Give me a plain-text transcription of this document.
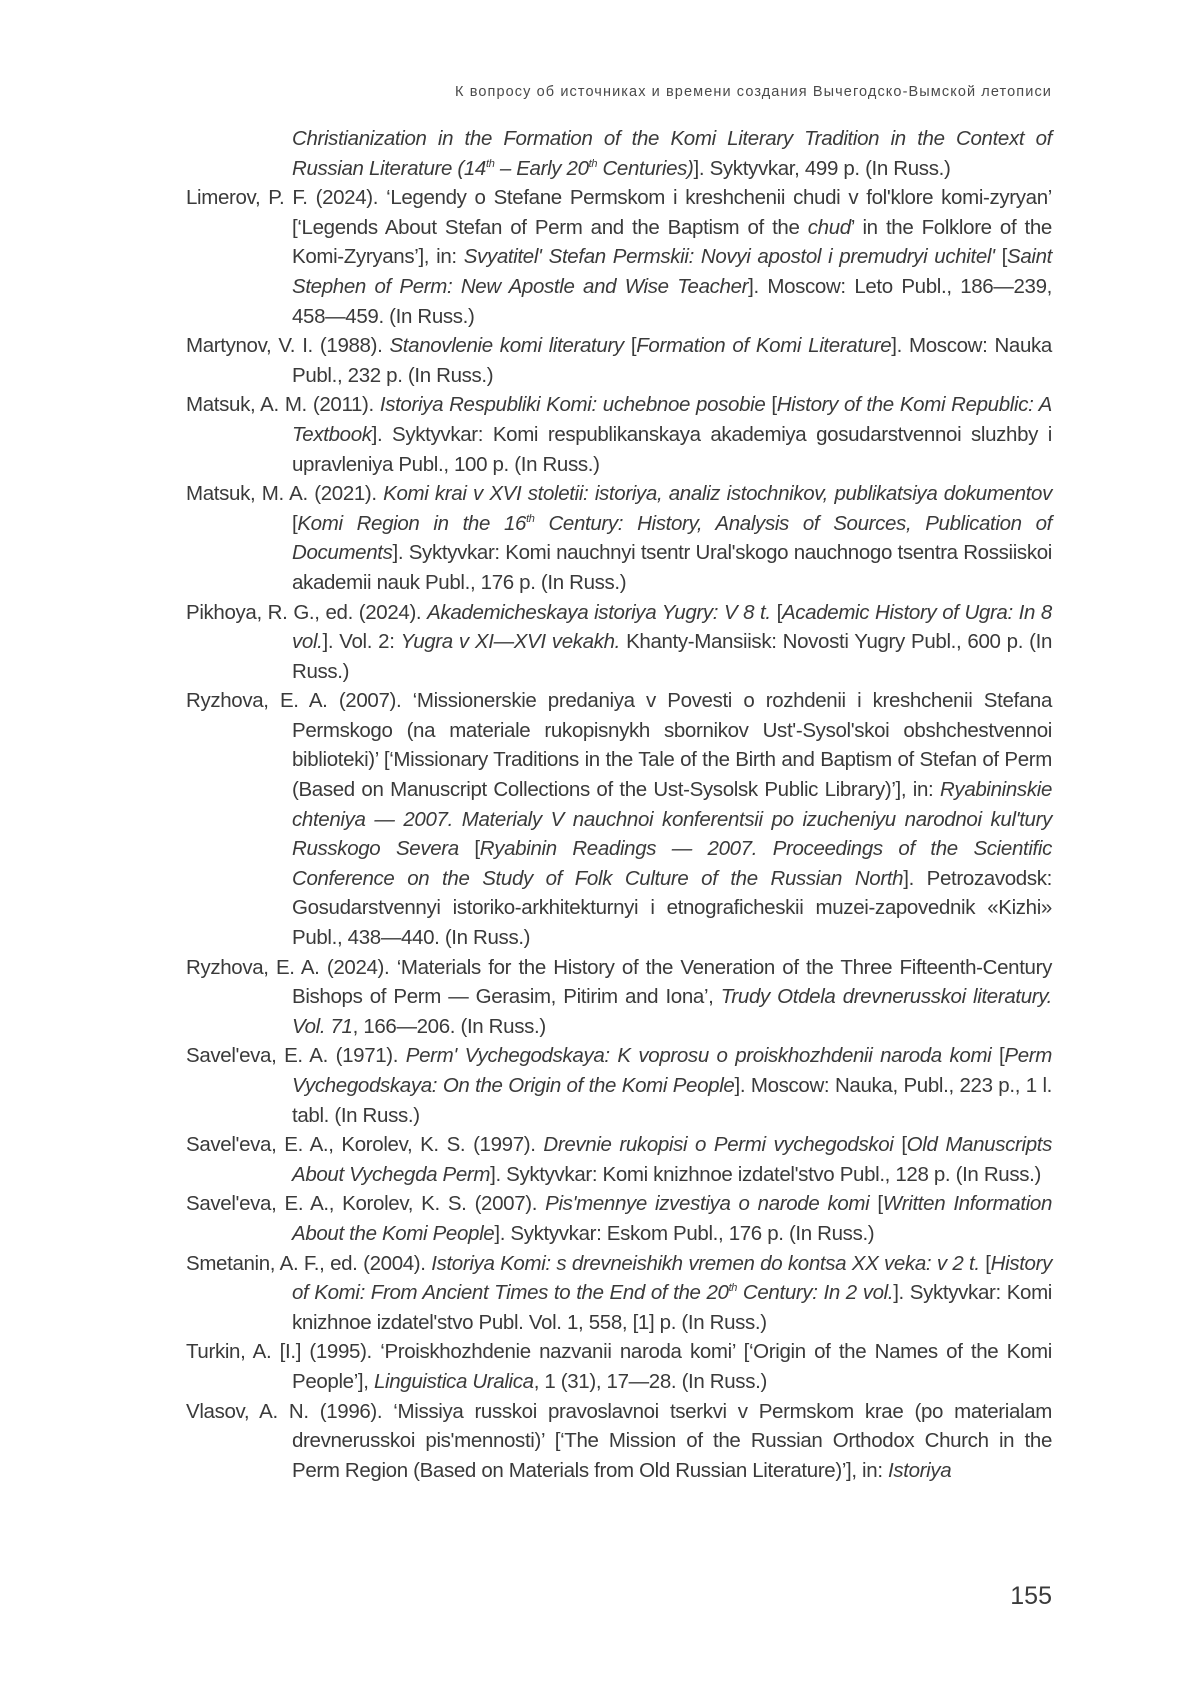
К вопросу об источниках и времени создания Вычегодско-Вымской летописи
Christianization in the Formation of the Komi Literary Tradition in the Context of Russian Literature (14th – Early 20th Centuries)]. Syktyvkar, 499 p. (In Russ.)
Limerov, P. F. (2024). ‘Legendy o Stefane Permskom i kreshchenii chudi v fol'klore komi-zyryan’ [‘Legends About Stefan of Perm and the Baptism of the chud’ in the Folklore of the Komi-Zyryans’], in: Svyatitel' Stefan Permskii: Novyi apostol i premudryi uchitel' [Saint Stephen of Perm: New Apostle and Wise Teacher]. Moscow: Leto Publ., 186—239, 458—459. (In Russ.)
Martynov, V. I. (1988). Stanovlenie komi literatury [Formation of Komi Literature]. Moscow: Nauka Publ., 232 p. (In Russ.)
Matsuk, A. M. (2011). Istoriya Respubliki Komi: uchebnoe posobie [History of the Komi Republic: A Textbook]. Syktyvkar: Komi respublikanskaya akademiya gosudarstvennoi sluzhby i upravleniya Publ., 100 p. (In Russ.)
Matsuk, M. A. (2021). Komi krai v XVI stoletii: istoriya, analiz istochnikov, publikatsiya dokumentov [Komi Region in the 16th Century: History, Analysis of Sources, Publication of Documents]. Syktyvkar: Komi nauchnyi tsentr Ural'skogo nauchnogo tsentra Rossiiskoi akademii nauk Publ., 176 p. (In Russ.)
Pikhoya, R. G., ed. (2024). Akademicheskaya istoriya Yugry: V 8 t. [Academic History of Ugra: In 8 vol.]. Vol. 2: Yugra v XI—XVI vekakh. Khanty-Mansiisk: Novosti Yugry Publ., 600 p. (In Russ.)
Ryzhova, E. A. (2007). ‘Missionerskie predaniya v Povesti o rozhdenii i kreshchenii Stefana Permskogo (na materiale rukopisnykh sbornikov Ust'-Sysol'skoi obshchestvennoi biblioteki)’ [‘Missionary Traditions in the Tale of the Birth and Baptism of Stefan of Perm (Based on Manuscript Collections of the Ust-Sysolsk Public Library)’], in: Ryabininskie chteniya — 2007. Materialy V nauchnoi konferentsii po izucheniyu narodnoi kul'tury Russkogo Severa [Ryabinin Readings — 2007. Proceedings of the Scientific Conference on the Study of Folk Culture of the Russian North]. Petrozavodsk: Gosudarstvennyi istoriko-arkhitekturnyi i etnograficheskii muzei-zapovednik «Kizhi» Publ., 438—440. (In Russ.)
Ryzhova, E. A. (2024). ‘Materials for the History of the Veneration of the Three Fifteenth-Century Bishops of Perm — Gerasim, Pitirim and Iona’, Trudy Otdela drevnerusskoi literatury. Vol. 71, 166—206. (In Russ.)
Savel'eva, E. A. (1971). Perm' Vychegodskaya: K voprosu o proiskhozhdenii naroda komi [Perm Vychegodskaya: On the Origin of the Komi People]. Moscow: Nauka, Publ., 223 p., 1 l. tabl. (In Russ.)
Savel'eva, E. A., Korolev, K. S. (1997). Drevnie rukopisi o Permi vychegodskoi [Old Manuscripts About Vychegda Perm]. Syktyvkar: Komi knizhnoe izdatel'stvo Publ., 128 p. (In Russ.)
Savel'eva, E. A., Korolev, K. S. (2007). Pis'mennye izvestiya o narode komi [Written Information About the Komi People]. Syktyvkar: Eskom Publ., 176 p. (In Russ.)
Smetanin, A. F., ed. (2004). Istoriya Komi: s drevneishikh vremen do kontsa XX veka: v 2 t. [History of Komi: From Ancient Times to the End of the 20th Century: In 2 vol.]. Syktyvkar: Komi knizhnoe izdatel'stvo Publ. Vol. 1, 558, [1] p. (In Russ.)
Turkin, A. [I.] (1995). ‘Proiskhozhdenie nazvanii naroda komi’ [‘Origin of the Names of the Komi People’], Linguistica Uralica, 1 (31), 17—28. (In Russ.)
Vlasov, A. N. (1996). ‘Missiya russkoi pravoslavnoi tserkvi v Permskom krae (po materialam drevnerusskoi pis'mennosti)’ [‘The Mission of the Russian Orthodox Church in the Perm Region (Based on Materials from Old Russian Literature)’], in: Istoriya
155
